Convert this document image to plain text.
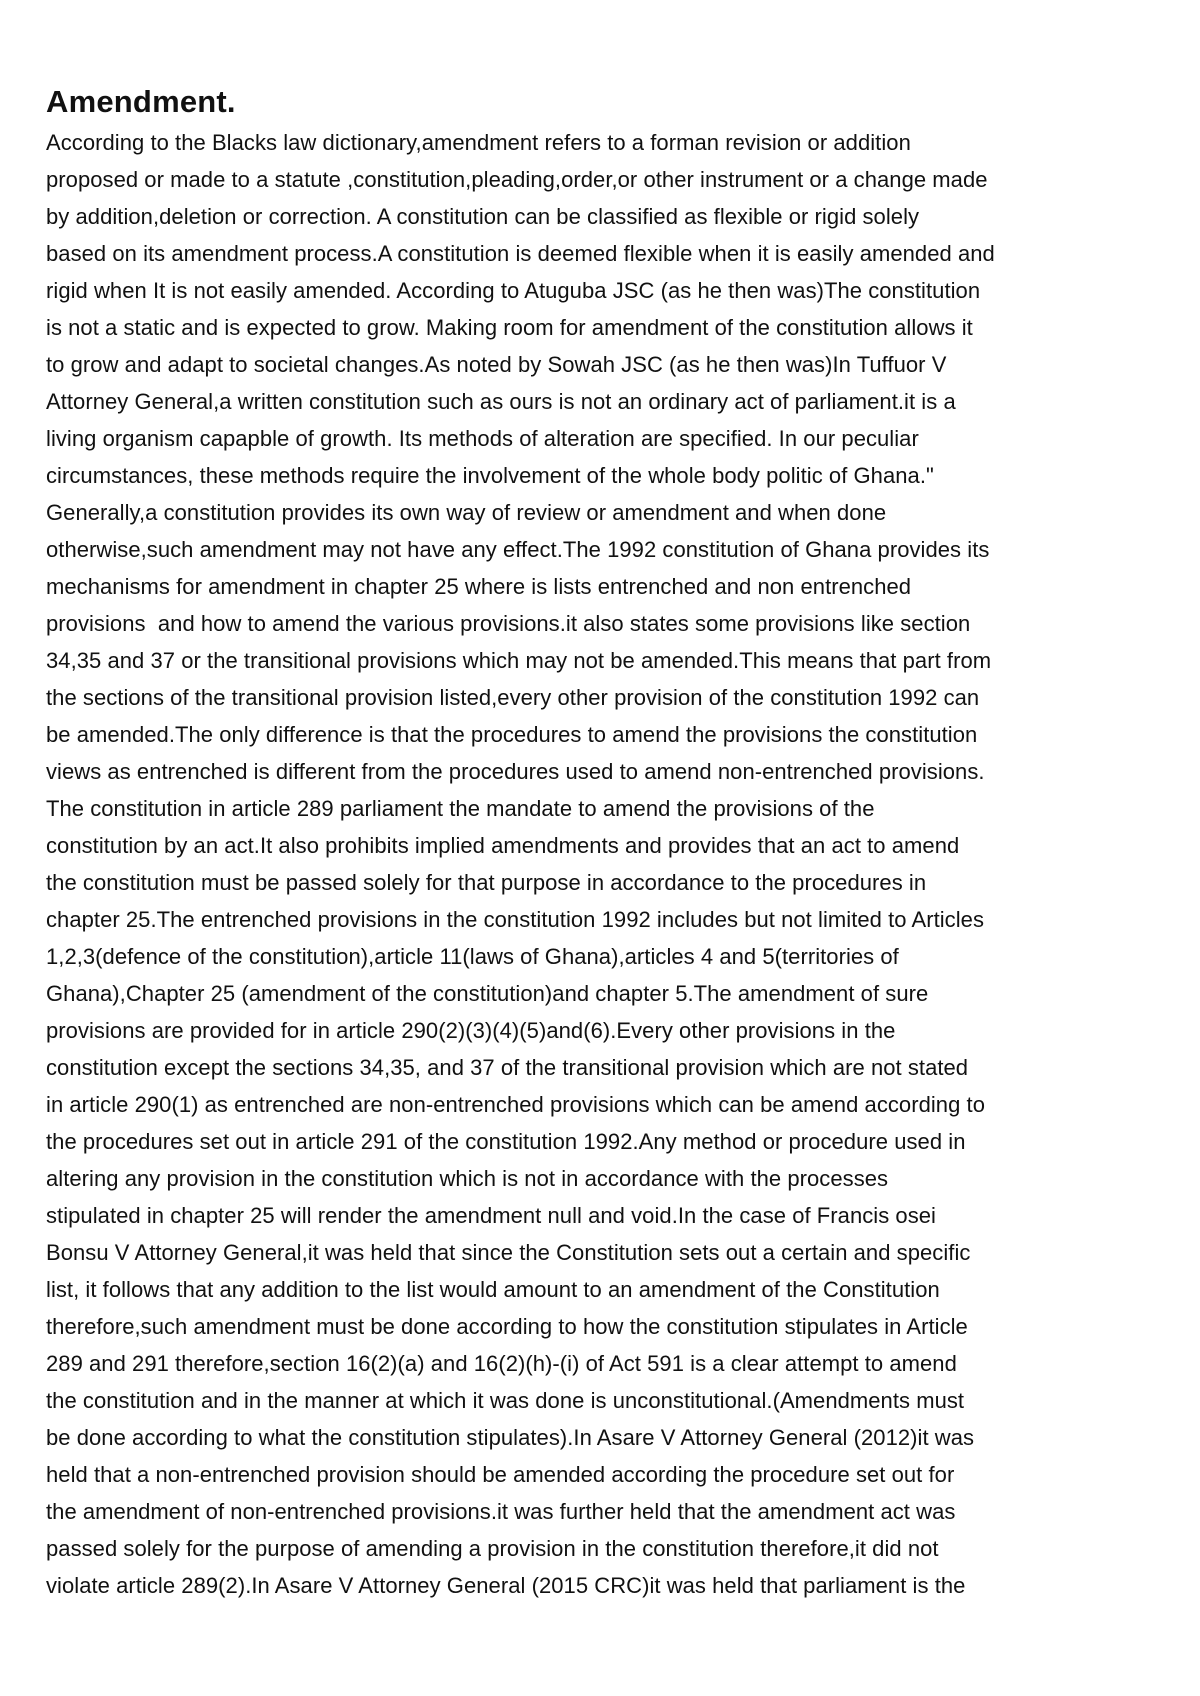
Amendment.
According to the Blacks law dictionary,amendment refers to a forman revision or addition
proposed or made to a statute ,constitution,pleading,order,or other instrument or a change made
by addition,deletion or correction. A constitution can be classified as flexible or rigid solely
based on its amendment process.A constitution is deemed flexible when it is easily amended and
rigid when It is not easily amended. According to Atuguba JSC (as he then was)The constitution
is not a static and is expected to grow. Making room for amendment of the constitution allows it
to grow and adapt to societal changes.As noted by Sowah JSC (as he then was)In Tuffuor V
Attorney General,a written constitution such as ours is not an ordinary act of parliament.it is a
living organism capapble of growth. Its methods of alteration are specified. In our peculiar
circumstances, these methods require the involvement of the whole body politic of Ghana."
Generally,a constitution provides its own way of review or amendment and when done
otherwise,such amendment may not have any effect.The 1992 constitution of Ghana provides its
mechanisms for amendment in chapter 25 where is lists entrenched and non entrenched
provisions  and how to amend the various provisions.it also states some provisions like section
34,35 and 37 or the transitional provisions which may not be amended.This means that part from
the sections of the transitional provision listed,every other provision of the constitution 1992 can
be amended.The only difference is that the procedures to amend the provisions the constitution
views as entrenched is different from the procedures used to amend non-entrenched provisions.
The constitution in article 289 parliament the mandate to amend the provisions of the
constitution by an act.It also prohibits implied amendments and provides that an act to amend
the constitution must be passed solely for that purpose in accordance to the procedures in
chapter 25.The entrenched provisions in the constitution 1992 includes but not limited to Articles
1,2,3(defence of the constitution),article 11(laws of Ghana),articles 4 and 5(territories of
Ghana),Chapter 25 (amendment of the constitution)and chapter 5.The amendment of sure
provisions are provided for in article 290(2)(3)(4)(5)and(6).Every other provisions in the
constitution except the sections 34,35, and 37 of the transitional provision which are not stated
in article 290(1) as entrenched are non-entrenched provisions which can be amend according to
the procedures set out in article 291 of the constitution 1992.Any method or procedure used in
altering any provision in the constitution which is not in accordance with the processes
stipulated in chapter 25 will render the amendment null and void.In the case of Francis osei
Bonsu V Attorney General,it was held that since the Constitution sets out a certain and specific
list, it follows that any addition to the list would amount to an amendment of the Constitution
therefore,such amendment must be done according to how the constitution stipulates in Article
289 and 291 therefore,section 16(2)(a) and 16(2)(h)-(i) of Act 591 is a clear attempt to amend
the constitution and in the manner at which it was done is unconstitutional.(Amendments must
be done according to what the constitution stipulates).In Asare V Attorney General (2012)it was
held that a non-entrenched provision should be amended according the procedure set out for
the amendment of non-entrenched provisions.it was further held that the amendment act was
passed solely for the purpose of amending a provision in the constitution therefore,it did not
violate article 289(2).In Asare V Attorney General (2015 CRC)it was held that parliament is the
